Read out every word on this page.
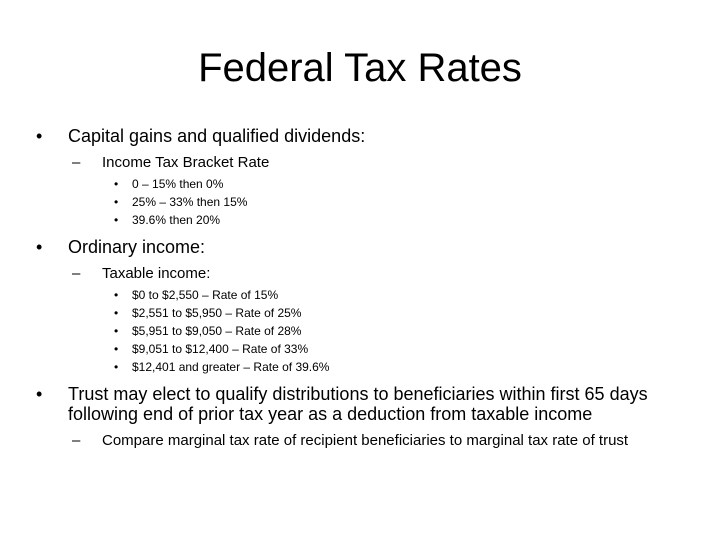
Federal Tax Rates
• Capital gains and qualified dividends:
– Income Tax Bracket Rate
• 0 – 15% then 0%
• 25% – 33% then 15%
• 39.6% then 20%
• Ordinary income:
– Taxable income:
• $0 to $2,550 – Rate of 15%
• $2,551 to $5,950 – Rate of 25%
• $5,951 to $9,050 – Rate of 28%
• $9,051 to $12,400 – Rate of 33%
• $12,401 and greater – Rate of 39.6%
• Trust may elect to qualify distributions to beneficiaries within first 65 days following end of prior tax year as a deduction from taxable income
– Compare marginal tax rate of recipient beneficiaries to marginal tax rate of trust
